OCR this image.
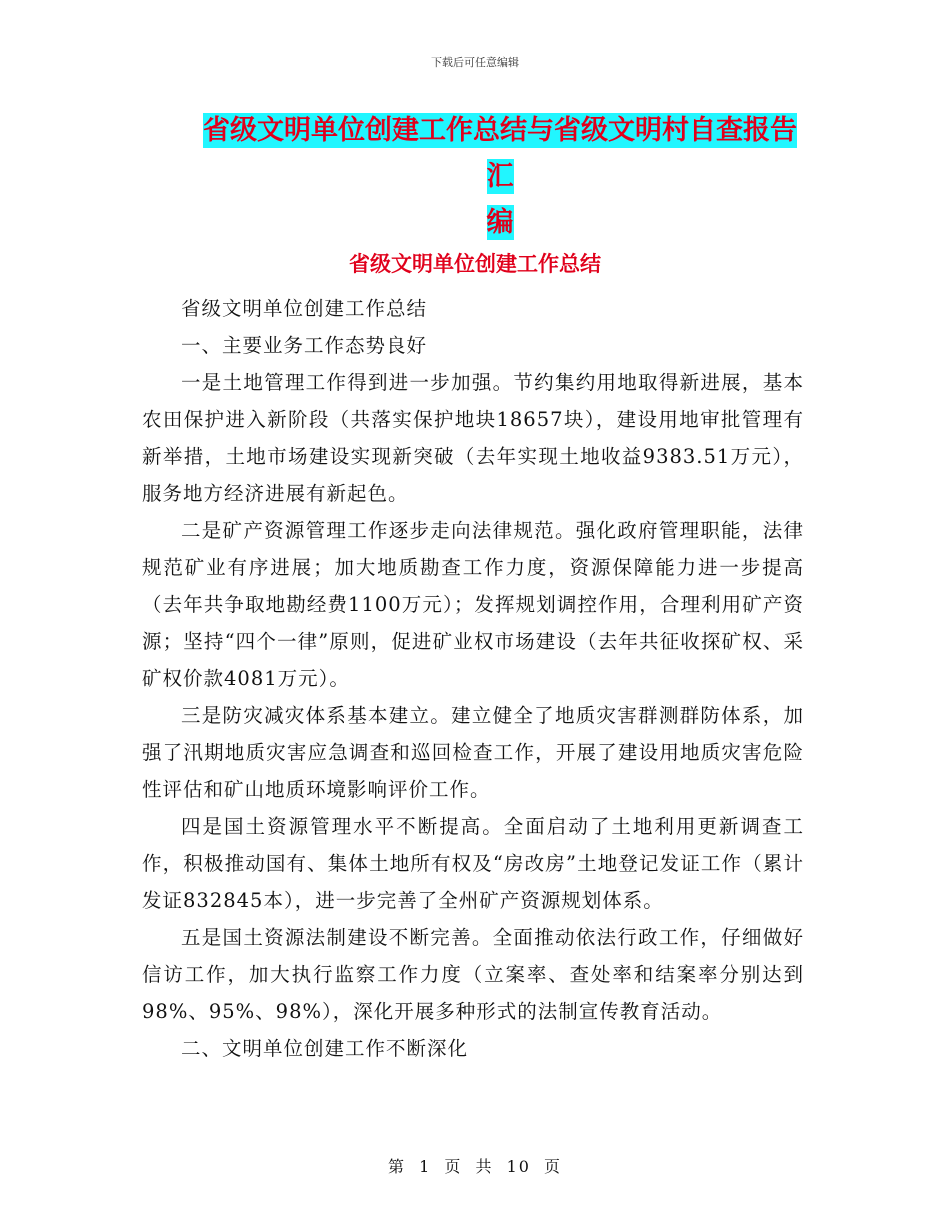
下载后可任意编辑
省级文明单位创建工作总结与省级文明村自查报告汇
编
省级文明单位创建工作总结

省级文明单位创建工作总结

一、主要业务工作态势良好

一是土地管理工作得到进一步加强。节约集约用地取得新进展，基本农田保护进入新阶段（共落实保护地块18657块），建设用地审批管理有新举措，土地市场建设实现新突破（去年实现土地收益9383.51万元），服务地方经济进展有新起色。

二是矿产资源管理工作逐步走向法律规范。强化政府管理职能，法律规范矿业有序进展；加大地质勘查工作力度，资源保障能力进一步提高（去年共争取地勘经费1100万元）；发挥规划调控作用，合理利用矿产资源；坚持“四个一律”原则，促进矿业权市场建设（去年共征收探矿权、采矿权价款4081万元）。

三是防灾减灾体系基本建立。建立健全了地质灾害群测群防体系，加强了汛期地质灾害应急调查和巡回检查工作，开展了建设用地质灾害危险性评估和矿山地质环境影响评价工作。

四是国土资源管理水平不断提高。全面启动了土地利用更新调查工作，积极推动国有、集体土地所有权及“房改房”土地登记发证工作（累计发证832845本），进一步完善了全州矿产资源规划体系。

五是国土资源法制建设不断完善。全面推动依法行政工作，仔细做好信访工作，加大执行监察工作力度（立案率、查处率和结案率分别达到98%、95%、98%），深化开展多种形式的法制宣传教育活动。

二、文明单位创建工作不断深化

第 1 页 共 10 页
